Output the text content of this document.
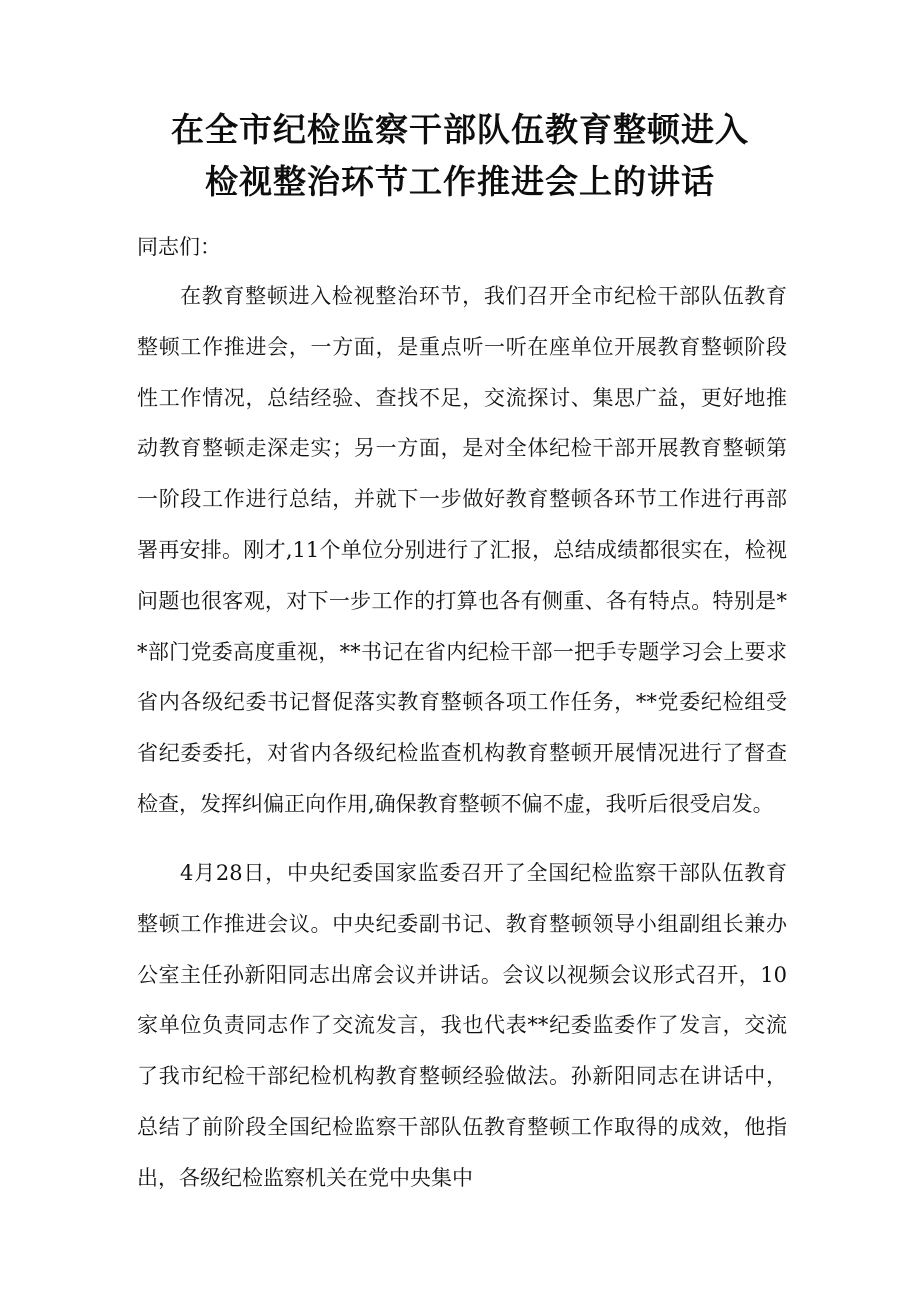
在全市纪检监察干部队伍教育整顿进入
检视整治环节工作推进会上的讲话

同志们：

在教育整顿进入检视整治环节，我们召开全市纪检干部队伍教育整顿工作推进会，一方面，是重点听一听在座单位开展教育整顿阶段性工作情况，总结经验、查找不足，交流探讨、集思广益，更好地推动教育整顿走深走实；另一方面，是对全体纪检干部开展教育整顿第一阶段工作进行总结，并就下一步做好教育整顿各环节工作进行再部署再安排。刚才,11个单位分别进行了汇报，总结成绩都很实在，检视问题也很客观，对下一步工作的打算也各有侧重、各有特点。特别是**部门党委高度重视，**书记在省内纪检干部一把手专题学习会上要求省内各级纪委书记督促落实教育整顿各项工作任务，**党委纪检组受省纪委委托，对省内各级纪检监查机构教育整顿开展情况进行了督查检查，发挥纠偏正向作用,确保教育整顿不偏不虚，我听后很受启发。

4月28日，中央纪委国家监委召开了全国纪检监察干部队伍教育整顿工作推进会议。中央纪委副书记、教育整顿领导小组副组长兼办公室主任孙新阳同志出席会议并讲话。会议以视频会议形式召开，10家单位负责同志作了交流发言，我也代表**纪委监委作了发言，交流了我市纪检干部纪检机构教育整顿经验做法。孙新阳同志在讲话中，总结了前阶段全国纪检监察干部队伍教育整顿工作取得的成效，他指出，各级纪检监察机关在党中央集中
